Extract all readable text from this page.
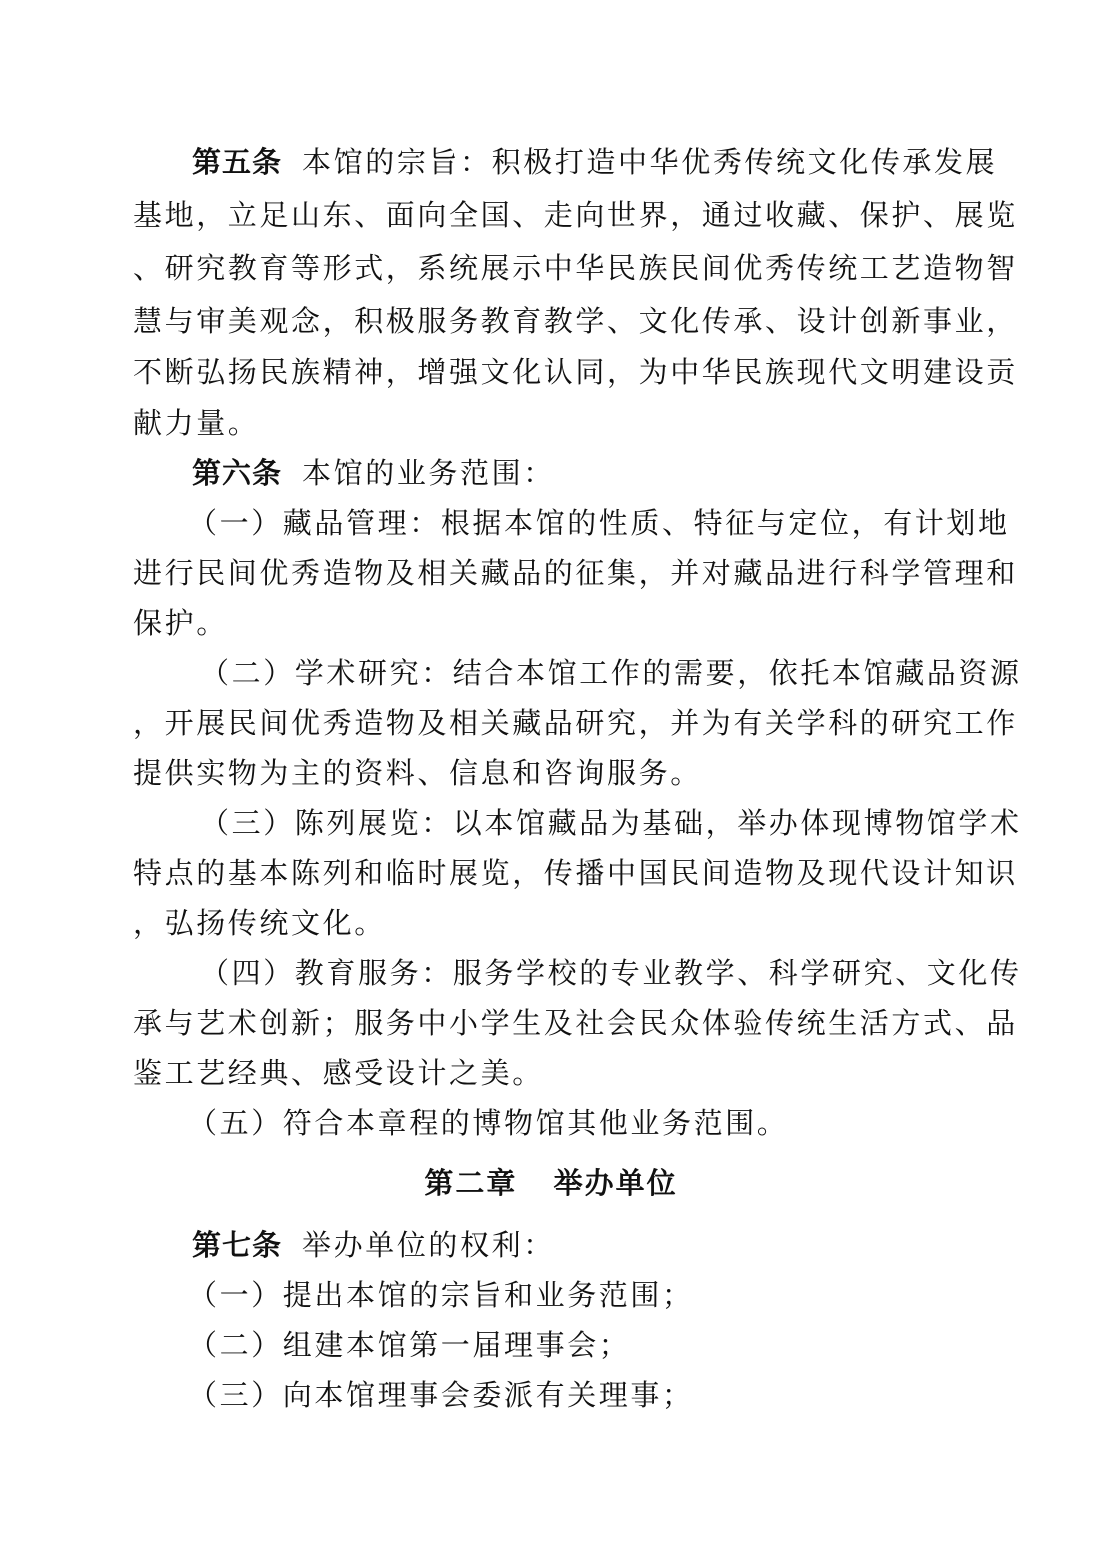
第五条 本馆的宗旨：积极打造中华优秀传统文化传承发展
基地，立足山东、面向全国、走向世界，通过收藏、保护、展览
、研究教育等形式，系统展示中华民族民间优秀传统工艺造物智
慧与审美观念，积极服务教育教学、文化传承、设计创新事业，
不断弘扬民族精神，增强文化认同，为中华民族现代文明建设贡
献力量。
第六条 本馆的业务范围：
（一）藏品管理：根据本馆的性质、特征与定位，有计划地
进行民间优秀造物及相关藏品的征集，并对藏品进行科学管理和
保护。
（二）学术研究：结合本馆工作的需要，依托本馆藏品资源
，开展民间优秀造物及相关藏品研究，并为有关学科的研究工作
提供实物为主的资料、信息和咨询服务。
（三）陈列展览：以本馆藏品为基础，举办体现博物馆学术
特点的基本陈列和临时展览，传播中国民间造物及现代设计知识
，弘扬传统文化。
（四）教育服务：服务学校的专业教学、科学研究、文化传
承与艺术创新；服务中小学生及社会民众体验传统生活方式、品
鉴工艺经典、感受设计之美。
（五）符合本章程的博物馆其他业务范围。
第二章   举办单位
第七条 举办单位的权利：
（一）提出本馆的宗旨和业务范围；
（二）组建本馆第一届理事会；
（三）向本馆理事会委派有关理事；
